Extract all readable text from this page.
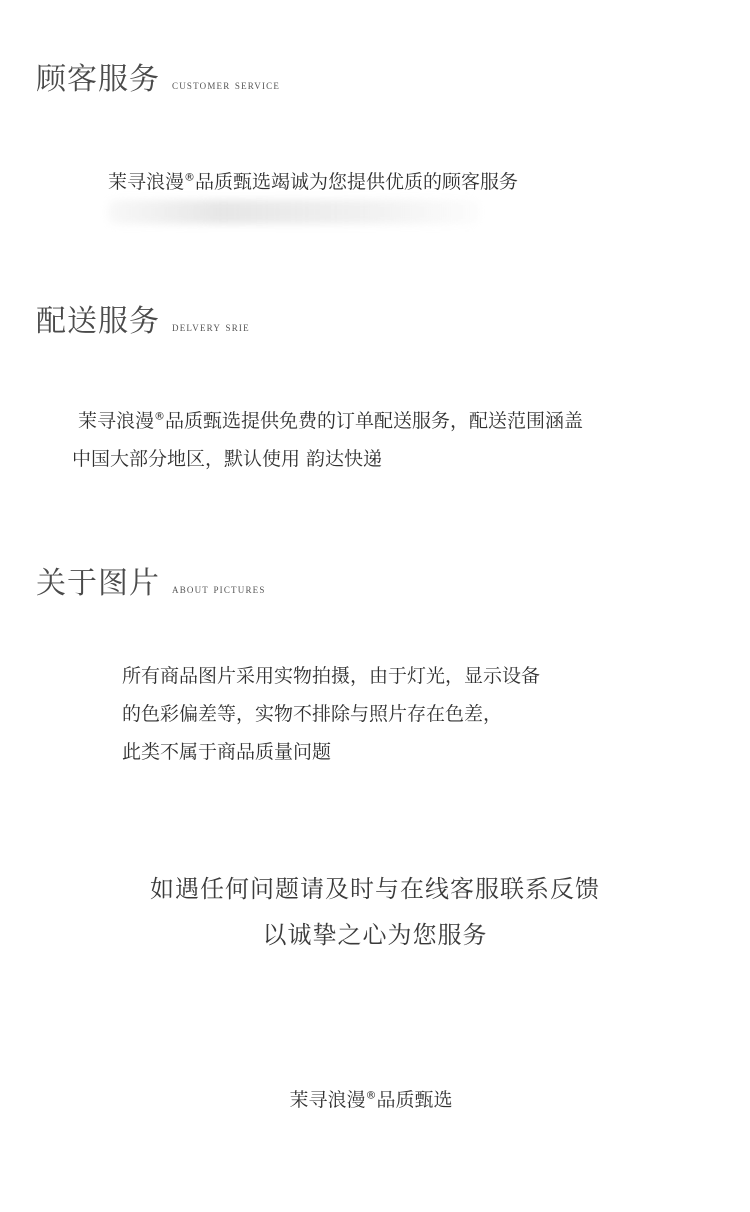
顾客服务 customer service
茉寻浪漫®品质甄选竭诚为您提供优质的顾客服务
配送服务 delvery srie
茉寻浪漫®品质甄选提供免费的订单配送服务，配送范围涵盖
中国大部分地区，默认使用 韵达快递
关于图片 about pictures
所有商品图片采用实物拍摄，由于灯光，显示设备
的色彩偏差等，实物不排除与照片存在色差，
此类不属于商品质量问题
如遇任何问题请及时与在线客服联系反馈
以诚挚之心为您服务
茉寻浪漫®品质甄选
